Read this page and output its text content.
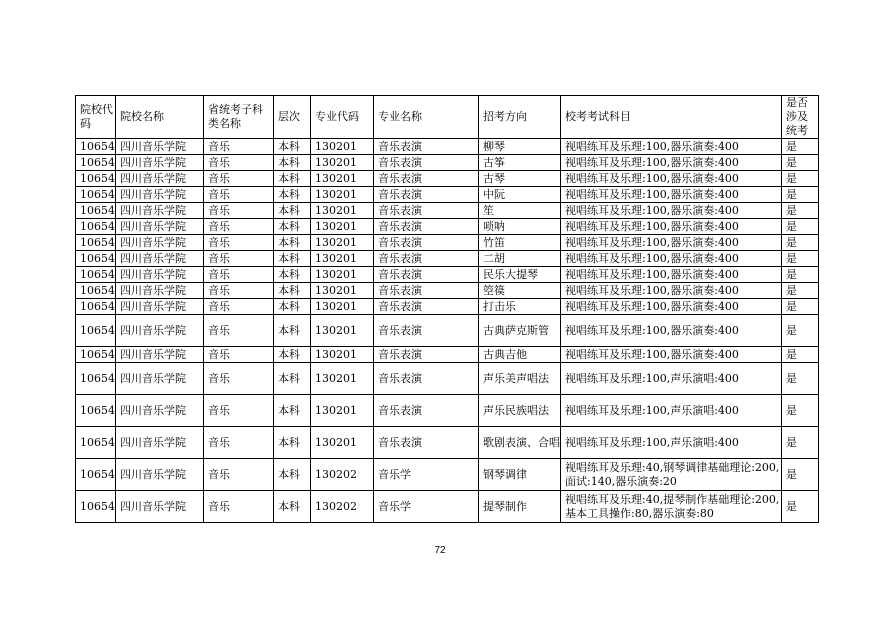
院校代码	院校名称	省统考子科类名称	层次	专业代码	专业名称	招考方向	校考考试科目	是否涉及统考
10654	四川音乐学院	音乐	本科	130201	音乐表演	柳琴	视唱练耳及乐理:100,器乐演奏:400	是
10654	四川音乐学院	音乐	本科	130201	音乐表演	古筝	视唱练耳及乐理:100,器乐演奏:400	是
10654	四川音乐学院	音乐	本科	130201	音乐表演	古琴	视唱练耳及乐理:100,器乐演奏:400	是
10654	四川音乐学院	音乐	本科	130201	音乐表演	中阮	视唱练耳及乐理:100,器乐演奏:400	是
10654	四川音乐学院	音乐	本科	130201	音乐表演	笙	视唱练耳及乐理:100,器乐演奏:400	是
10654	四川音乐学院	音乐	本科	130201	音乐表演	唢呐	视唱练耳及乐理:100,器乐演奏:400	是
10654	四川音乐学院	音乐	本科	130201	音乐表演	竹笛	视唱练耳及乐理:100,器乐演奏:400	是
10654	四川音乐学院	音乐	本科	130201	音乐表演	二胡	视唱练耳及乐理:100,器乐演奏:400	是
10654	四川音乐学院	音乐	本科	130201	音乐表演	民乐大提琴	视唱练耳及乐理:100,器乐演奏:400	是
10654	四川音乐学院	音乐	本科	130201	音乐表演	箜篌	视唱练耳及乐理:100,器乐演奏:400	是
10654	四川音乐学院	音乐	本科	130201	音乐表演	打击乐	视唱练耳及乐理:100,器乐演奏:400	是
10654	四川音乐学院	音乐	本科	130201	音乐表演	古典萨克斯管	视唱练耳及乐理:100,器乐演奏:400	是
10654	四川音乐学院	音乐	本科	130201	音乐表演	古典吉他	视唱练耳及乐理:100,器乐演奏:400	是
10654	四川音乐学院	音乐	本科	130201	音乐表演	声乐美声唱法	视唱练耳及乐理:100,声乐演唱:400	是
10654	四川音乐学院	音乐	本科	130201	音乐表演	声乐民族唱法	视唱练耳及乐理:100,声乐演唱:400	是
10654	四川音乐学院	音乐	本科	130201	音乐表演	歌剧表演、合唱	视唱练耳及乐理:100,声乐演唱:400	是
10654	四川音乐学院	音乐	本科	130202	音乐学	钢琴调律	视唱练耳及乐理:40,钢琴调律基础理论:200,面试:140,器乐演奏:20	是
10654	四川音乐学院	音乐	本科	130202	音乐学	提琴制作	视唱练耳及乐理:40,提琴制作基础理论:200,基本工具操作:80,器乐演奏:80	是
72
